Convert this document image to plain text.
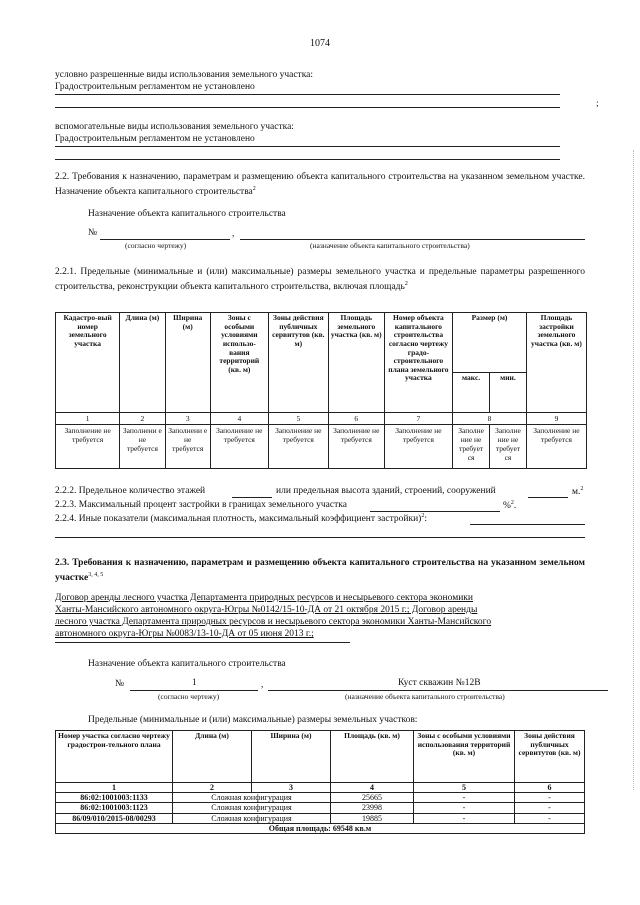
1074
условно разрешенные виды использования земельного участка:
Градостроительным регламентом не установлено
;
вспомогательные виды использования земельного участка:
Градостроительным регламентом не установлено
2.2. Требования к назначению, параметрам и размещению объекта капитального строительства на указанном земельном участке. Назначение объекта капитального строительства$^2$
Назначение объекта капитального строительства
№	,
(согласно чертежу)	(назначение объекта капитального строительства)
2.2.1. Предельные (минимальные и (или) максимальные) размеры земельного участка и предельные параметры разрешенного строительства, реконструкции объекта капитального строительства, включая площадь$^2$
Кадастро-вый номер земельного участка	Длина (м)	Ширина (м)	Зоны с особыми условиями использо-вания территорий (кв. м)	Зоны действия публичных сервитутов (кв. м)	Площадь земельного участка (кв. м)	Номер объекта капитального строительства согласно чертежу градо-строительного плана земельного участка	Размер (м)		Площадь застройки земельного участка (кв. м)
							макс.	мин.	
1	2	3	4	5	6	7	8		9
Заполнение не требуется	Заполнени е не требуется	Заполнени е не требуется	Заполнение не требуется	Заполнение не требуется	Заполнение не требуется	Заполнение не требуется	Заполне ние не требует ся	Заполне ние не требует ся	Заполнение не требуется
2.2.2. Предельное количество этажей	или предельная высота зданий, строений, сооружений	м.$^2$
2.2.3. Максимальный процент застройки в границах земельного участка	%$^2$.
2.2.4. Иные показатели (максимальная плотность, максимальный коэффициент застройки)$^2$:
2.3. Требования к назначению, параметрам и размещению объекта капитального строительства на указанном земельном участке$^{3, 4, 5}$
Договор аренды лесного участка Департамента природных ресурсов и несырьевого сектора экономики
Ханты-Мансийского автономного округа-Югры №0142/15-10-ДА от 21 октября 2015 г.; Договор аренды
лесного участка Департамента природных ресурсов и несырьевого сектора экономики Ханты-Мансийского
автономного округа-Югры №0083/13-10-ДА от 05 июня 2013 г.;
Назначение объекта капитального строительства
№	1	,	Куст скважин №12В
(согласно чертежу)	(назначение объекта капитального строительства)
Предельные (минимальные и (или) максимальные) размеры земельных участков:
Номер участка согласно чертежу градострои-тельного плана	Длина (м)	Ширина (м)	Площадь (кв. м)	Зоны с особыми условиями использования территорий (кв. м)	Зоны действия публичных сервитутов (кв. м)
1	2	3	4	5	6
86:02:1001003:1133	Сложная конфигурация		25665	-	-
86:02:1001003:1123	Сложная конфигурация		23998	-	-
86/09/010/2015-08/00293	Сложная конфигурация		19885	-	-
Общая площадь: 69548 кв.м					
